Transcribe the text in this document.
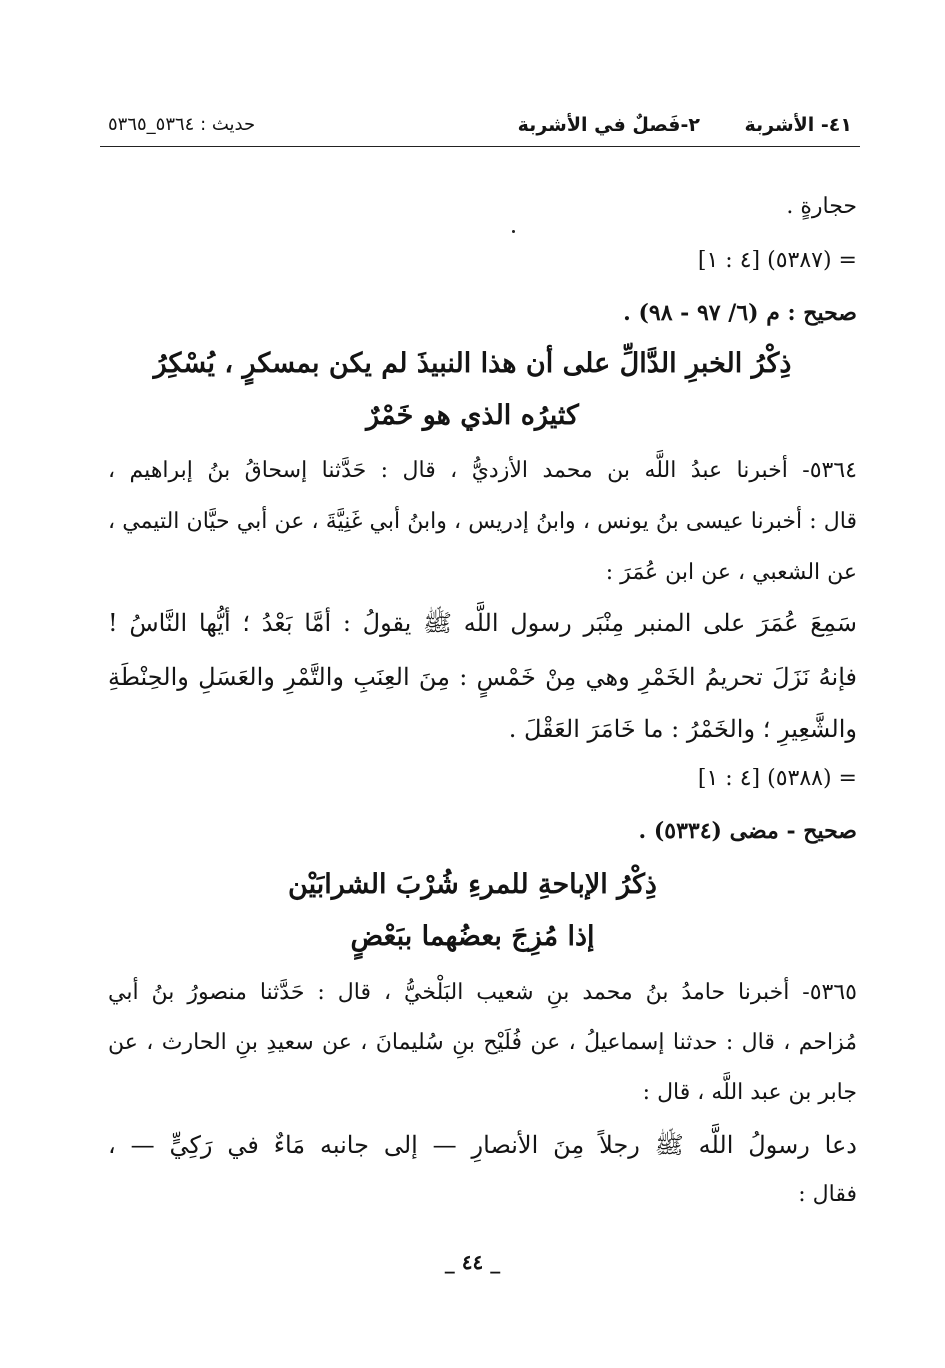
٤١- الأشربة
٢-فَصلٌ في الأشربة
حديث : ٥٣٦٤_٥٣٦٥
حجارةٍ .
= (٥٣٨٧) [٤ : ١]
صحيح : م (٦/ ٩٧ - ٩٨) .
ذِكْرُ الخبرِ الدَّالِّ على أن هذا النبيذَ لم يكن بمسكرٍ ، يُسْكِرُ
كثيرُه الذي هو خَمْرٌ
٥٣٦٤- أخبرنا عبدُ اللَّه بن محمد الأزديُّ ، قال : حَدَّثنا إسحاقُ بنُ إبراهيم ،
قال : أخبرنا عيسى بنُ يونس ، وابنُ إدريس ، وابنُ أبي غَنِيَّةَ ، عن أبي حيَّان التيمي ،
عن الشعبي ، عن ابن عُمَرَ :
سَمِعَ عُمَرَ على المنبر مِنْبَر رسول اللَّه ﷺ يقولُ : أمَّا بَعْدُ ؛ أيُّها النَّاسُ !
فإنهُ نَزَلَ تحريمُ الخَمْرِ وهي مِنْ خَمْسٍ : مِنَ العِنَبِ والتَّمْرِ والعَسَلِ والحِنْطَةِ
والشَّعِيرِ ؛ والخَمْرُ : ما خَامَرَ العَقْلَ .
= (٥٣٨٨) [٤ : ١]
صحيح - مضى (٥٣٣٤) .
ذِكْرُ الإباحةِ للمرءِ شُرْبَ الشرابَيْن
إذا مُزِجَ بعضُهما ببَعْضٍ
٥٣٦٥- أخبرنا حامدُ بنُ محمد بنِ شعيب البَلْخيُّ ، قال : حَدَّثنا منصورُ بنُ أبي
مُزاحم ، قال : حدثنا إسماعيلُ ، عن فُلَيْح بنِ سُليمانَ ، عن سعيدِ بنِ الحارث ، عن
جابر بن عبد اللَّه ، قال :
دعا رسولُ اللَّه ﷺ رجلاً مِنَ الأنصارِ — إلى جانبه مَاءٌ في رَكِيٍّ — ،
فقال :
_ ٤٤ _
